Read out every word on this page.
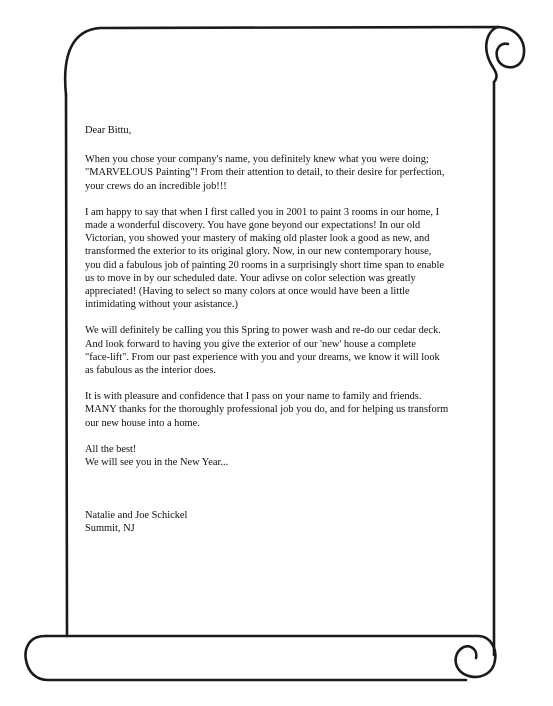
Dear Bittu,
When you chose your company's name, you definitely knew what you were doing;
"MARVELOUS Painting"! From their attention to detail, to their desire for perfection,
your crews do an incredible job!!!
I am happy to say that when I first called you in 2001 to paint 3 rooms in our home, I
made a wonderful discovery. You have gone beyond our expectations! In our old
Victorian, you showed your mastery of making old plaster look a good as new, and
transformed the exterior to its original glory. Now, in our new contemporary house,
you did a fabulous job of painting 20 rooms in a surprisingly short time span to enable
us to move in by our scheduled date. Your adivse on color selection was greatly
appreciated! (Having to select so many colors at once would have been a little
intimidating without your asistance.)
We will definitely be calling you this Spring to power wash and re-do our cedar deck.
And look forward to having you give the exterior of our 'new' house a complete
"face-lift". From our past experience with you and your dreams, we know it will look
as fabulous as the interior does.
It is with pleasure and confidence that I pass on your name to family and friends.
MANY thanks for the thoroughly professional job you do, and for helping us transform
our new house into a home.
All the best!
We will see you in the New Year...
Natalie and Joe Schickel
Summit, NJ
